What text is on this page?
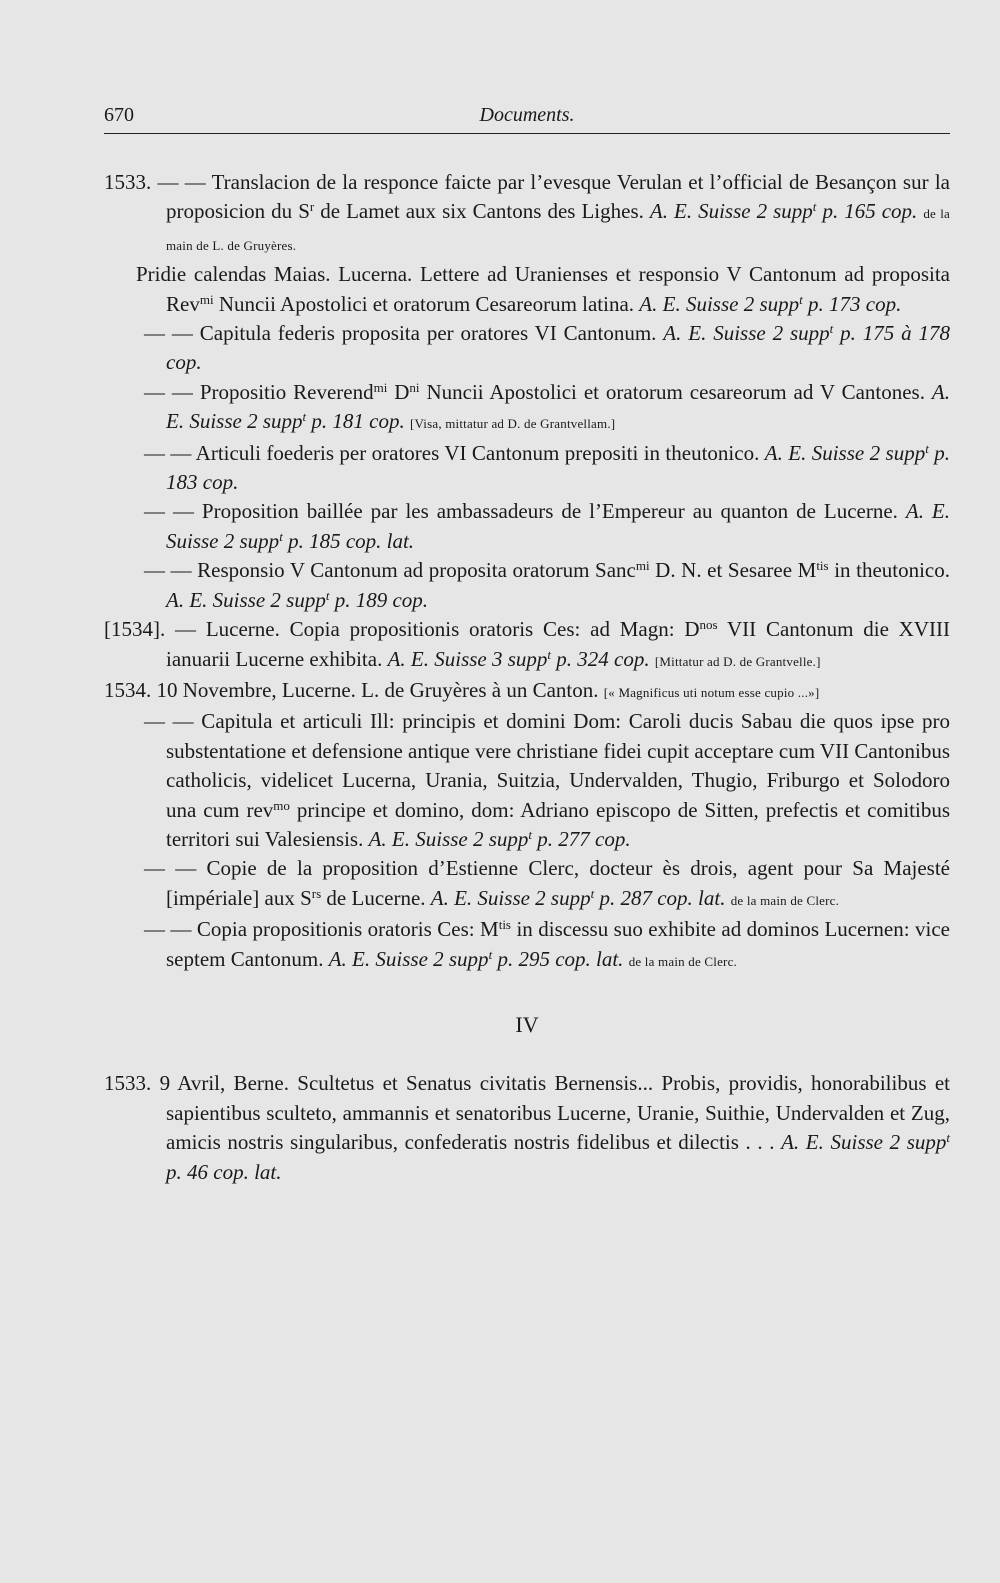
670	Documents.

1533. — — Translacion de la responce faicte par l’evesque Verulan et l’official de Besançon sur la proposicion du $S^r$ de Lamet aux six Cantons des Lighes. A. E. Suisse 2 supp$^t$ p. 165 cop. de la main de L. de Gruyères.

Pridie calendas Maias. Lucerna. Lettere ad Uranienses et responsio V Cantonum ad proposita Rev$^{mi}$ Nuncii Apostolici et oratorum Cesareorum latina. A. E. Suisse 2 supp$^t$ p. 173 cop.

— — Capitula federis proposita per oratores VI Cantonum. A. E. Suisse 2 supp$^t$ p. 175 à 178 cop.

— — Propositio Reverend$^{mi}$ $D^{ni}$ Nuncii Apostolici et oratorum cesareorum ad V Cantones. A. E. Suisse 2 supp$^t$ p. 181 cop. [Visa, mittatur ad D. de Grantvellam.]

— — Articuli foederis per oratores VI Cantonum prepositi in theutonico. A. E. Suisse 2 supp$^t$ p. 183 cop.

— — Proposition baillée par les ambassadeurs de l’Empereur au quanton de Lucerne. A. E. Suisse 2 supp$^t$ p. 185 cop. lat.

— — Responsio V Cantonum ad proposita oratorum Sanc$^{mi}$ D. N. et Sesaree $M^{tis}$ in theutonico. A. E. Suisse 2 supp$^t$ p. 189 cop.

[1534]. — Lucerne. Copia propositionis oratoris Ces: ad Magn: $D^{nos}$ VII Cantonum die XVIII ianuarii Lucerne exhibita. A. E. Suisse 3 supp$^t$ p. 324 cop. [Mittatur ad D. de Grantvelle.]

1534. 10 Novembre, Lucerne. L. de Gruyères à un Canton. [« Magnificus uti notum esse cupio ...»]

— — Capitula et articuli Ill: principis et domini Dom: Caroli ducis Sabau die quos ipse pro substentatione et defensione antique vere christiane fidei cupit acceptare cum VII Cantonibus catholicis, videlicet Lucerna, Urania, Suitzia, Undervalden, Thugio, Friburgo et Solodoro una cum rev$^{mo}$ principe et domino, dom: Adriano episcopo de Sitten, prefectis et comitibus territori sui Valesiensis. A. E. Suisse 2 supp$^t$ p. 277 cop.

— — Copie de la proposition d’Estienne Clerc, docteur ès drois, agent pour Sa Majesté [impériale] aux $S^{rs}$ de Lucerne. A. E. Suisse 2 supp$^t$ p. 287 cop. lat. de la main de Clerc.

— — Copia propositionis oratoris Ces: $M^{tis}$ in discessu suo exhibite ad dominos Lucernen: vice septem Cantonum. A. E. Suisse 2 supp$^t$ p. 295 cop. lat. de la main de Clerc.

IV

1533. 9 Avril, Berne. Scultetus et Senatus civitatis Bernensis... Probis, providis, honorabilibus et sapientibus sculteto, ammannis et senatoribus Lucerne, Uranie, Suithie, Undervalden et Zug, amicis nostris singularibus, confederatis nostris fidelibus et dilectis . . . A. E. Suisse 2 supp$^t$ p. 46 cop. lat.
